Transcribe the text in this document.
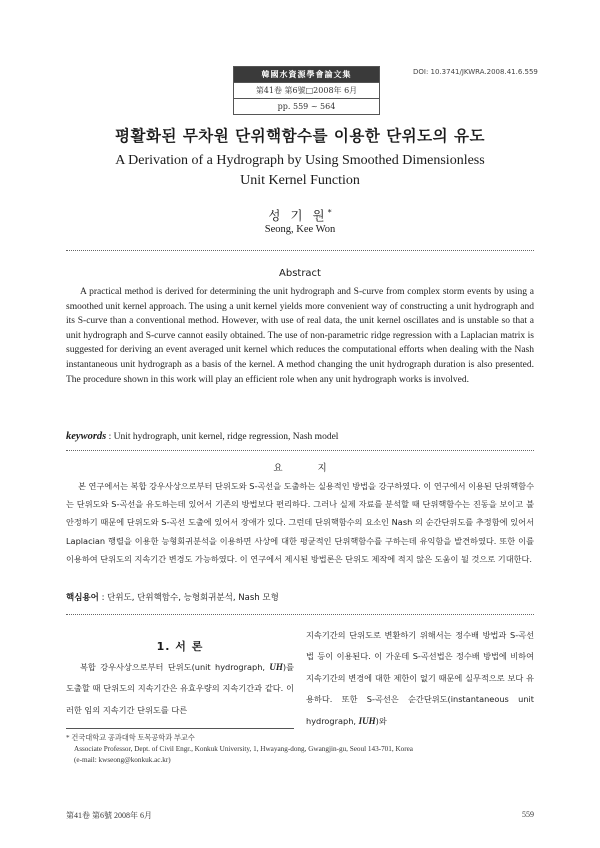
韓國水資源學會論文集
第41卷 第6號□2008年 6月
pp. 559 ~ 564
DOI: 10.3741/JKWRA.2008.41.6.559
평활화된 무차원 단위핵함수를 이용한 단위도의 유도
A Derivation of a Hydrograph by Using Smoothed Dimensionless
Unit Kernel Function
성 기 원*
Seong, Kee Won
Abstract
A practical method is derived for determining the unit hydrograph and S-curve from complex storm events by using a smoothed unit kernel approach. The using a unit kernel yields more convenient way of constructing a unit hydrograph and its S-curve than a conventional method. However, with use of real data, the unit kernel oscillates and is unstable so that a unit hydrograph and S-curve cannot easily obtained. The use of non-parametric ridge regression with a Laplacian matrix is suggested for deriving an event averaged unit kernel which reduces the computational efforts when dealing with the Nash instantaneous unit hydrograph as a basis of the kernel. A method changing the unit hydrograph duration is also presented. The procedure shown in this work will play an efficient role when any unit hydrograph works is involved.
keywords : Unit hydrograph, unit kernel, ridge regression, Nash model
요 지
본 연구에서는 복합 강우사상으로부터 단위도와 S-곡선을 도출하는 실용적인 방법을 강구하였다. 이 연구에서 이용된 단위핵함수는 단위도와 S-곡선을 유도하는데 있어서 기존의 방법보다 편리하다. 그러나 실제 자료를 분석할 때 단위핵함수는 진동을 보이고 불안정하기 때문에 단위도와 S-곡선 도출에 있어서 장애가 있다. 그런데 단위핵함수의 요소인 Nash 의 순간단위도를 추정함에 있어서 Laplacian 행렬을 이용한 능형회귀분석을 이용하면 사상에 대한 평균적인 단위핵함수를 구하는데 유익함을 발견하였다. 또한 이를 이용하여 단위도의 지속기간 변경도 가능하였다. 이 연구에서 제시된 방법론은 단위도 제작에 적지 않은 도움이 될 것으로 기대한다.
핵심용어 : 단위도, 단위핵함수, 능형회귀분석, Nash 모형
1. 서 론
복합 강우사상으로부터 단위도(unit hydrograph, UH)를 도출할 때 단위도의 지속기간은 유효우량의 지속기간과 같다. 이러한 임의 지속기간 단위도를 다른
지속기간의 단위도로 변환하기 위해서는 정수배 방법과 S-곡선법 등이 이용된다. 이 가운데 S-곡선법은 정수배 방법에 비하여 지속기간의 변경에 대한 제한이 없기 때문에 실무적으로 보다 유용하다. 또한 S-곡선은 순간단위도(instantaneous unit hydrograph, IUH)와
* 건국대학교 공과대학 토목공학과 부교수
Associate Professor, Dept. of Civil Engr., Konkuk University, 1, Hwayang-dong, Gwangjin-gu, Seoul 143-701, Korea
(e-mail: kwseong@konkuk.ac.kr)
第41卷 第6號 2008年 6月	559
